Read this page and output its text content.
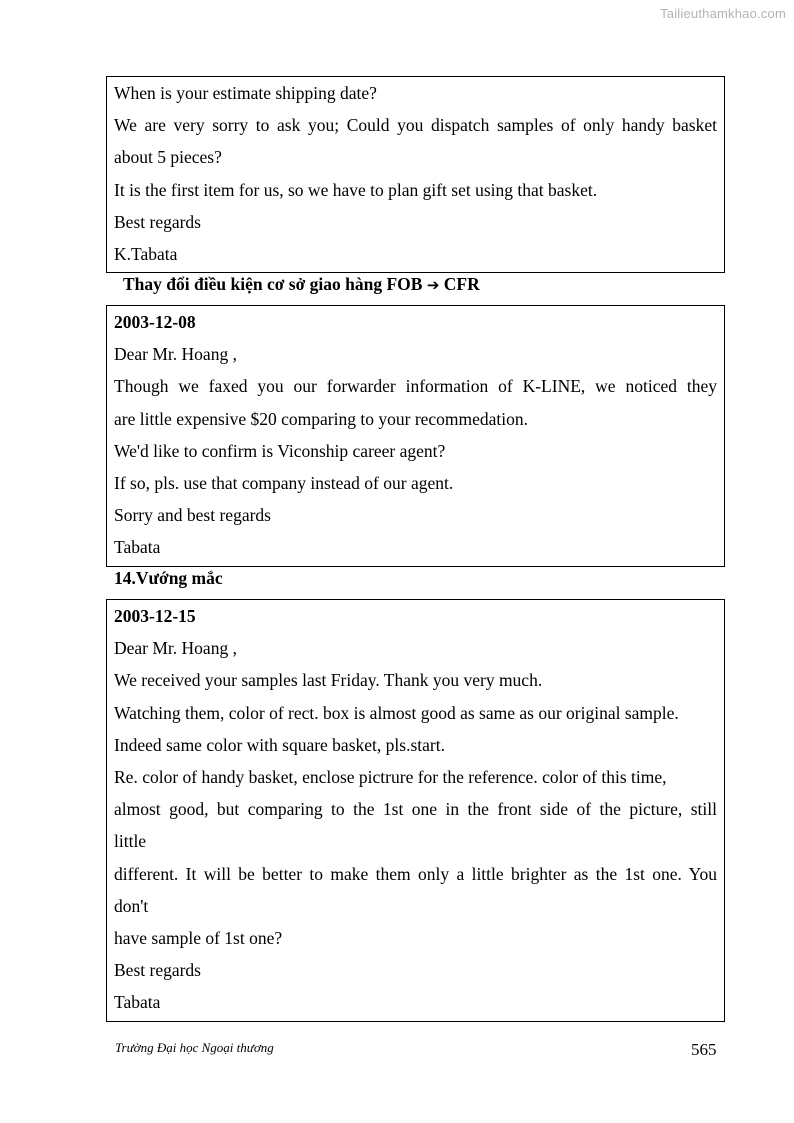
Tailieuthamkhao.com
When is your estimate shipping date?
We are very sorry to ask you; Could you dispatch samples of only handy basket
about 5 pieces?
It is the first item for us, so we have to plan gift set using that basket.
Best regards
K.Tabata
Thay đổi điều kiện cơ sở giao hàng FOB ➔ CFR
2003-12-08
Dear Mr. Hoang ,
Though we faxed you our forwarder information of K-LINE, we noticed they
are little expensive $20 comparing to your recommedation.
We'd like to confirm is Viconship career agent?
If so, pls. use that company instead of our agent.
Sorry and best regards
Tabata
14.Vướng mắc
2003-12-15
Dear Mr. Hoang ,
We received your samples last Friday. Thank you very much.
Watching them, color of rect. box is almost good as same as our original sample.
Indeed same color with square basket, pls.start.
Re. color of handy basket, enclose pictrure for the reference. color of this time,
almost good, but comparing to the 1st one in the front side of the picture, still
little
different. It will be better to make them only a little brighter as the 1st one. You
don't
have sample of 1st one?
Best regards
Tabata
Trường Đại học Ngoại thương	565
